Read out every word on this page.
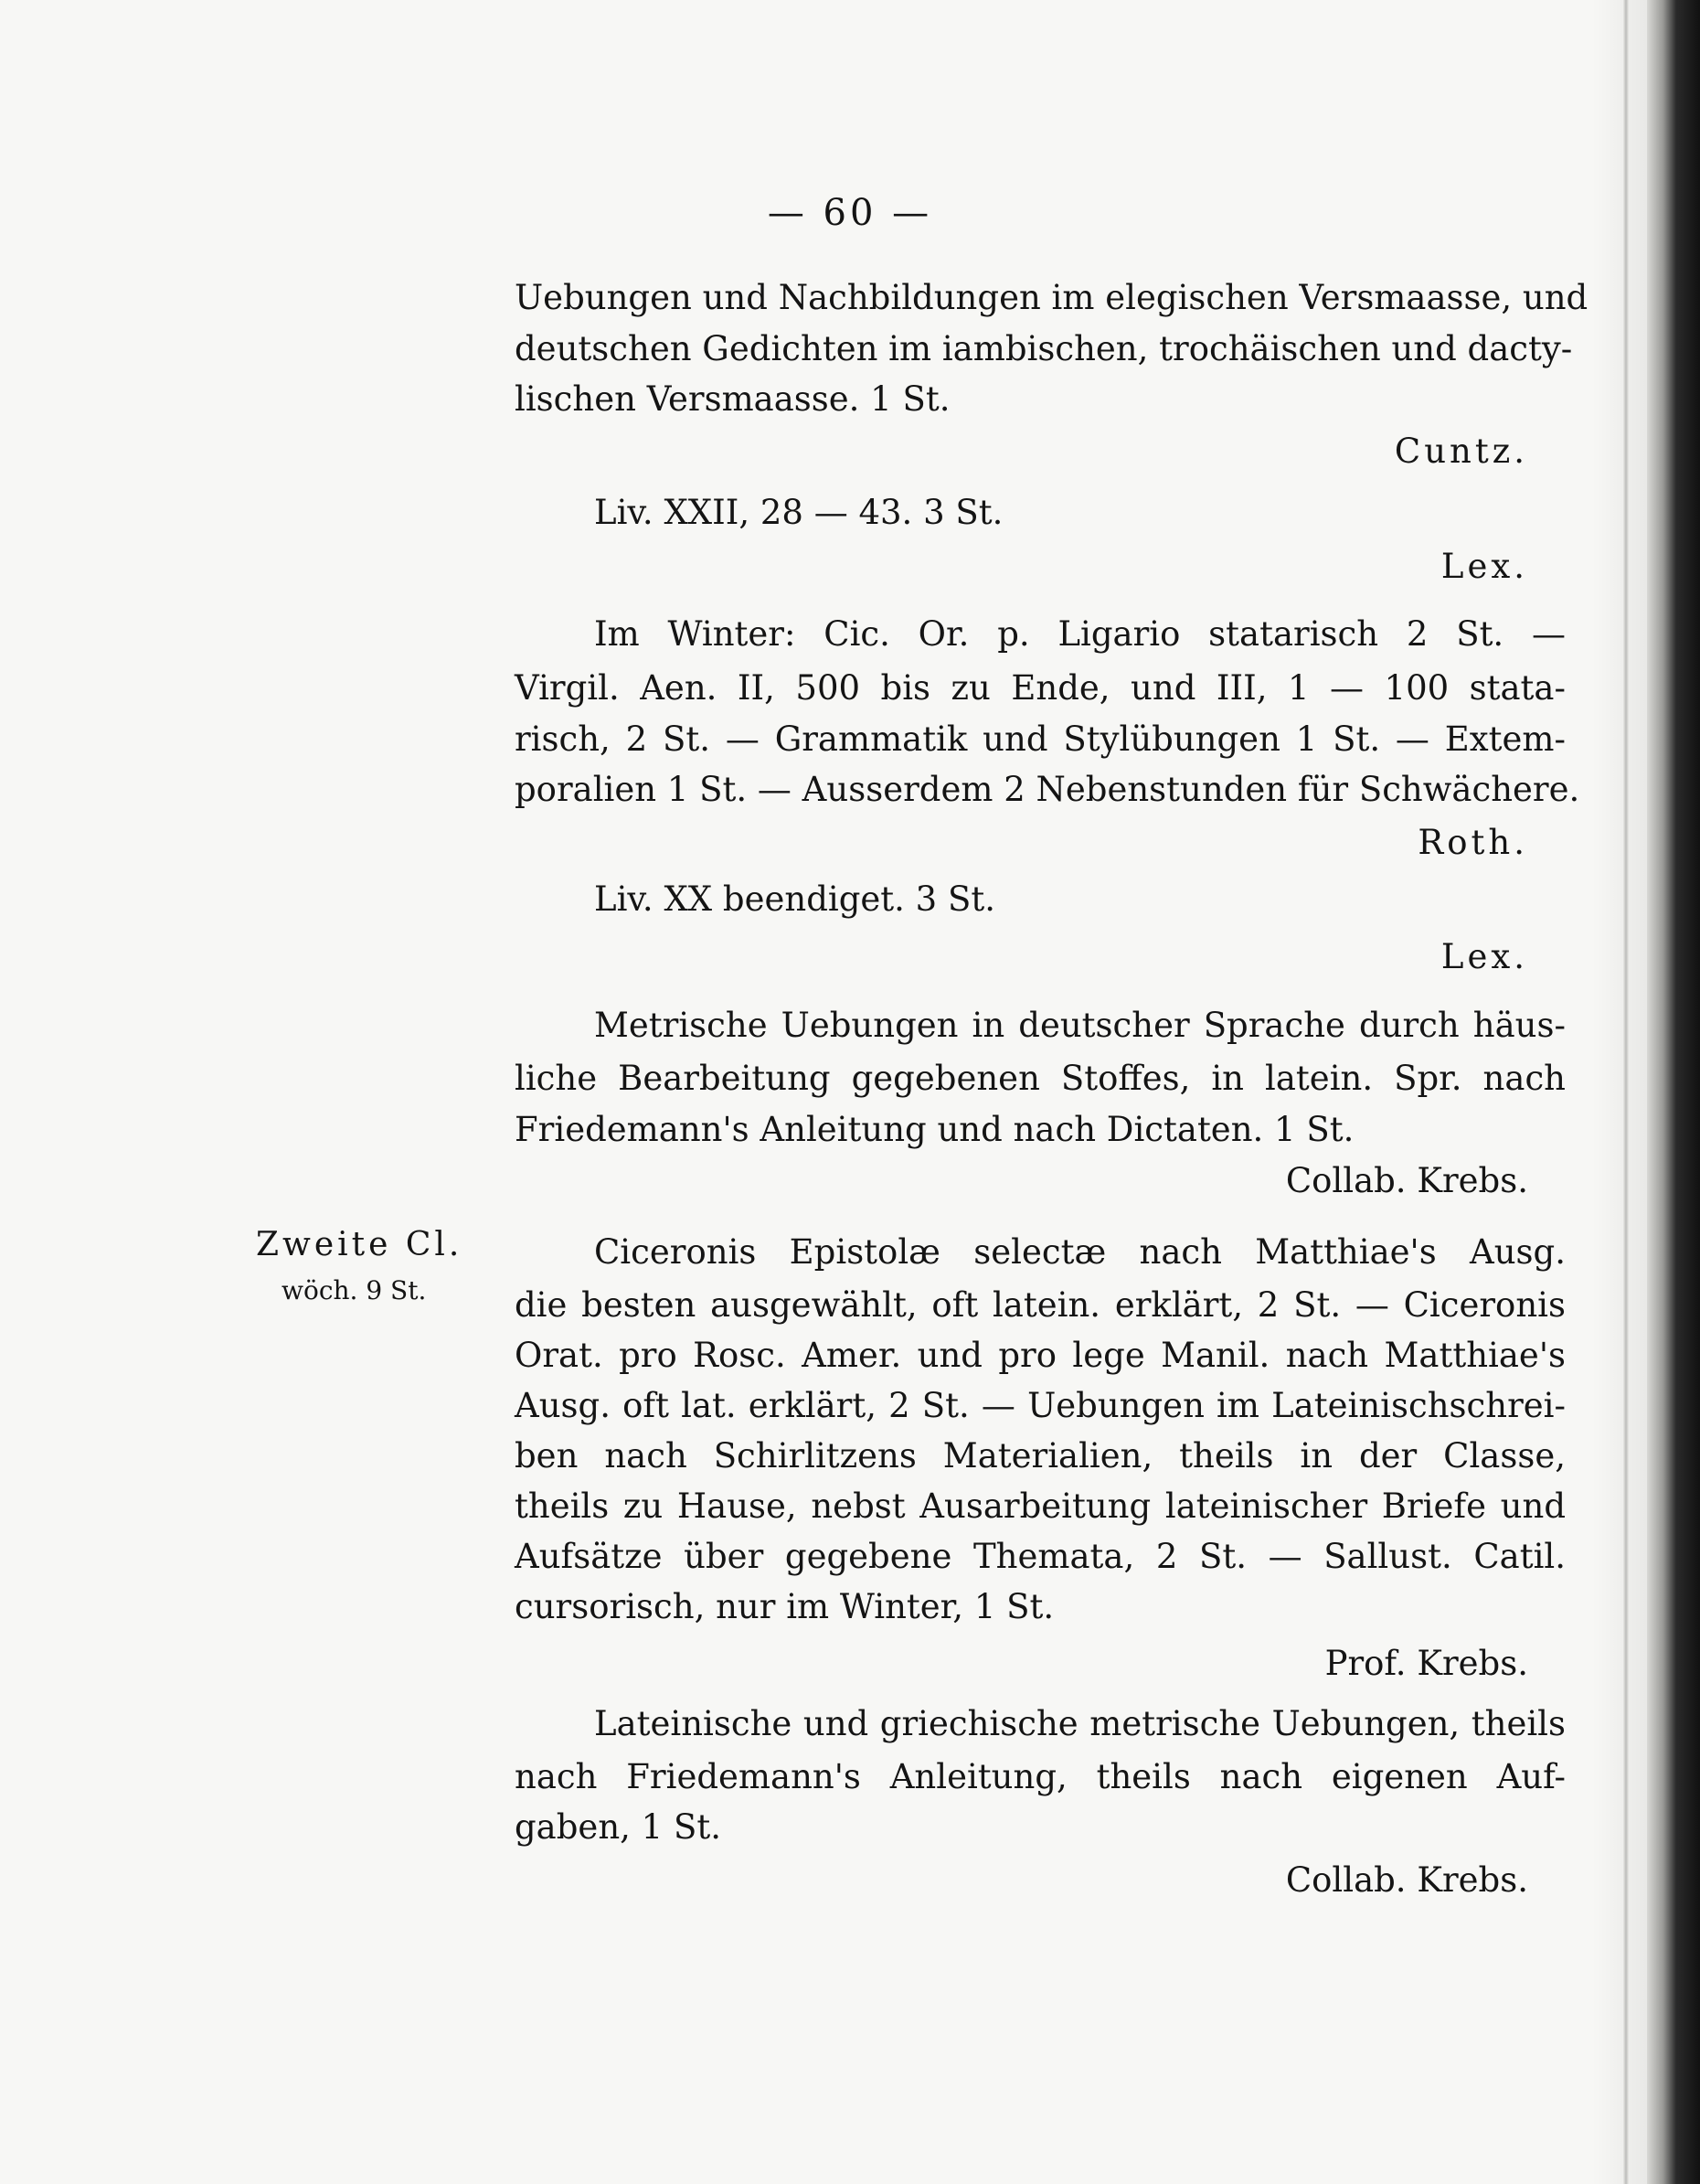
— 60 —
Uebungen und Nachbildungen im elegischen Versmaasse, und
deutschen Gedichten im iambischen, trochäischen und dacty-
lischen Versmaasse. 1 St.
Cuntz.
Liv. XXII, 28 — 43. 3 St.
Lex.
Im Winter: Cic. Or. p. Ligario statarisch 2 St. —
Virgil. Aen. II, 500 bis zu Ende, und III, 1 — 100 stata-
risch, 2 St. — Grammatik und Stylübungen 1 St. — Extem-
poralien 1 St. — Ausserdem 2 Nebenstunden für Schwächere.
Roth.
Liv. XX beendiget. 3 St.
Lex.
Metrische Uebungen in deutscher Sprache durch häus-
liche Bearbeitung gegebenen Stoffes, in latein. Spr. nach
Friedemann's Anleitung und nach Dictaten. 1 St.
Collab. Krebs.
Zweite Cl.
wöch. 9 St.
Ciceronis Epistolæ selectæ nach Matthiae's Ausg.
die besten ausgewählt, oft latein. erklärt, 2 St. — Ciceronis
Orat. pro Rosc. Amer. und pro lege Manil. nach Matthiae's
Ausg. oft lat. erklärt, 2 St. — Uebungen im Lateinischschrei-
ben nach Schirlitzens Materialien, theils in der Classe,
theils zu Hause, nebst Ausarbeitung lateinischer Briefe und
Aufsätze über gegebene Themata, 2 St. — Sallust. Catil.
cursorisch, nur im Winter, 1 St.
Prof. Krebs.
Lateinische und griechische metrische Uebungen, theils
nach Friedemann's Anleitung, theils nach eigenen Auf-
gaben, 1 St.
Collab. Krebs.
